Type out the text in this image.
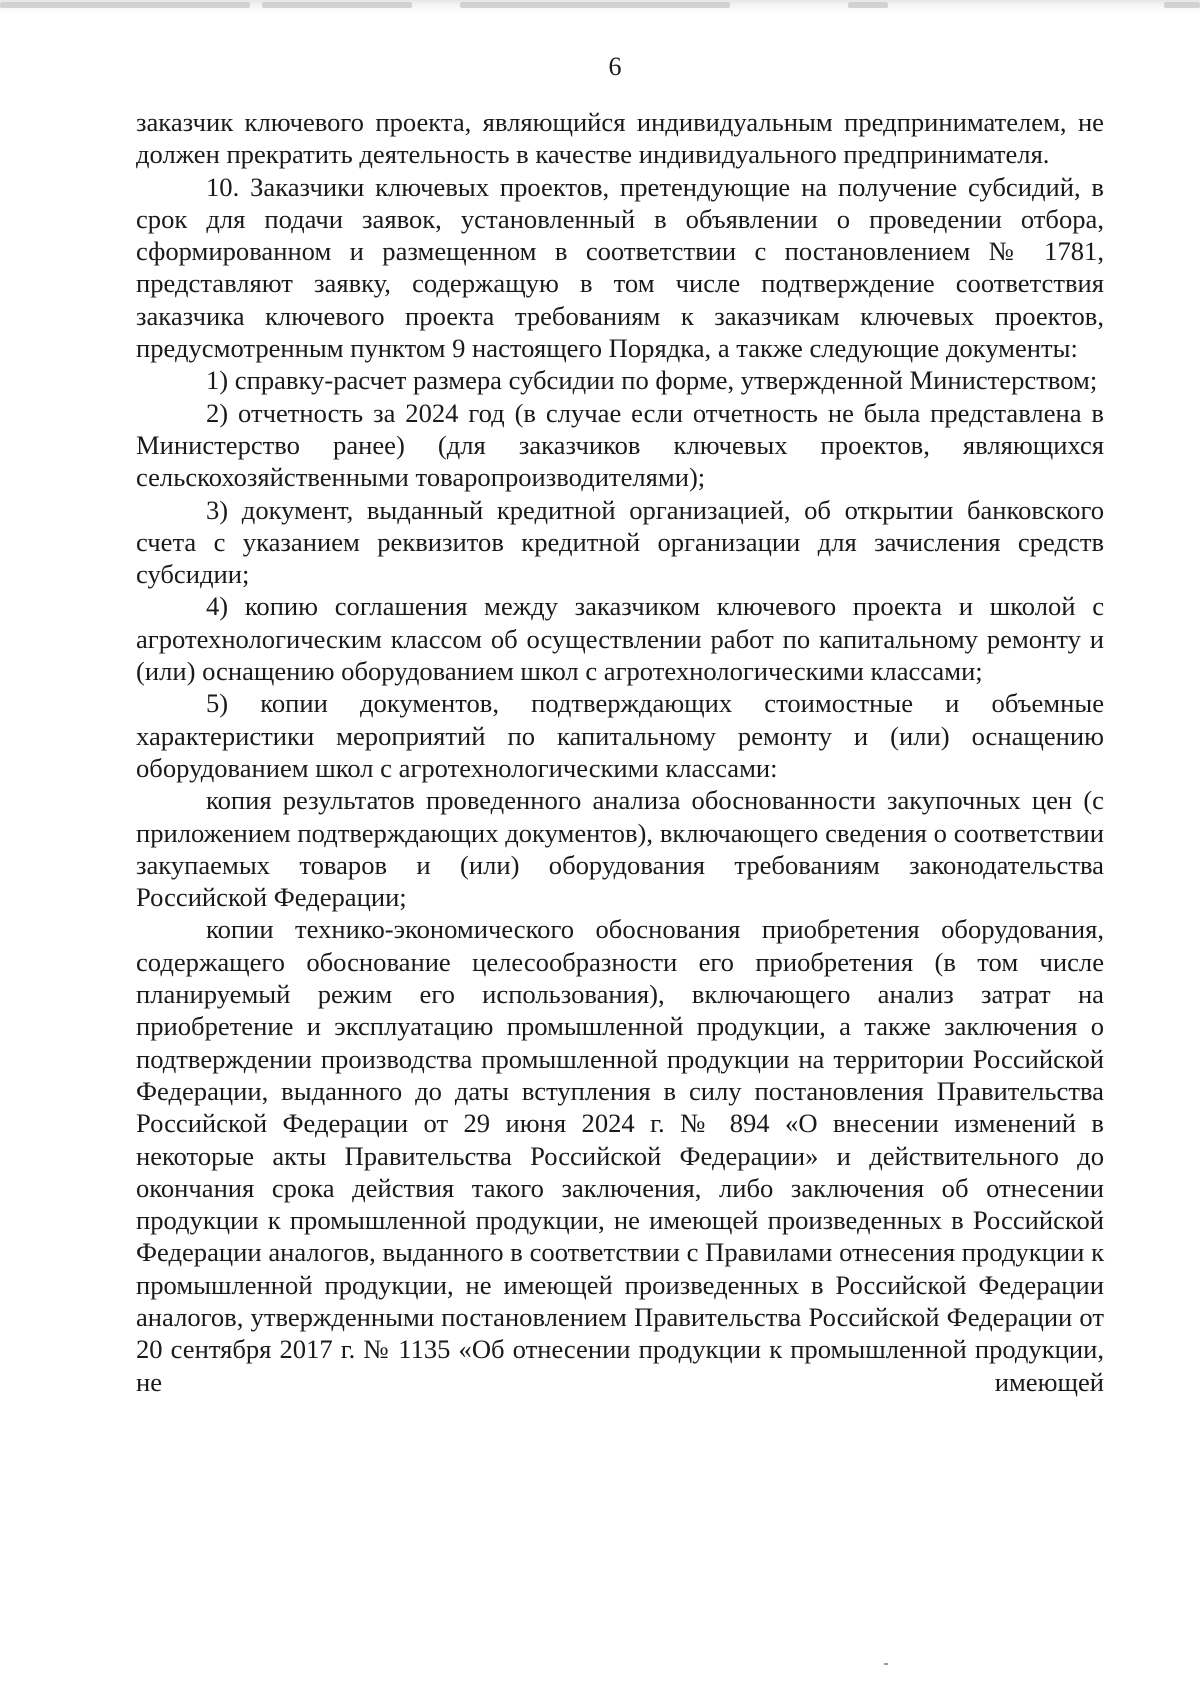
6

заказчик ключевого проекта, являющийся индивидуальным предпринимателем, не должен прекратить деятельность в качестве индивидуального предпринимателя.

10. Заказчики ключевых проектов, претендующие на получение субсидий, в срок для подачи заявок, установленный в объявлении о проведении отбора, сформированном и размещенном в соответствии с постановлением № 1781, представляют заявку, содержащую в том числе подтверждение соответствия заказчика ключевого проекта требованиям к заказчикам ключевых проектов, предусмотренным пунктом 9 настоящего Порядка, а также следующие документы:

1) справку-расчет размера субсидии по форме, утвержденной Министерством;

2) отчетность за 2024 год (в случае если отчетность не была представлена в Министерство ранее) (для заказчиков ключевых проектов, являющихся сельскохозяйственными товаропроизводителями);

3) документ, выданный кредитной организацией, об открытии банковского счета с указанием реквизитов кредитной организации для зачисления средств субсидии;

4) копию соглашения между заказчиком ключевого проекта и школой с агротехнологическим классом об осуществлении работ по капитальному ремонту и (или) оснащению оборудованием школ с агротехнологическими классами;

5) копии документов, подтверждающих стоимостные и объемные характеристики мероприятий по капитальному ремонту и (или) оснащению оборудованием школ с агротехнологическими классами:

копия результатов проведенного анализа обоснованности закупочных цен (с приложением подтверждающих документов), включающего сведения о соответствии закупаемых товаров и (или) оборудования требованиям законодательства Российской Федерации;

копии технико-экономического обоснования приобретения оборудования, содержащего обоснование целесообразности его приобретения (в том числе планируемый режим его использования), включающего анализ затрат на приобретение и эксплуатацию промышленной продукции, а также заключения о подтверждении производства промышленной продукции на территории Российской Федерации, выданного до даты вступления в силу постановления Правительства Российской Федерации от 29 июня 2024 г. № 894 «О внесении изменений в некоторые акты Правительства Российской Федерации» и действительного до окончания срока действия такого заключения, либо заключения об отнесении продукции к промышленной продукции, не имеющей произведенных в Российской Федерации аналогов, выданного в соответствии с Правилами отнесения продукции к промышленной продукции, не имеющей произведенных в Российской Федерации аналогов, утвержденными постановлением Правительства Российской Федерации от 20 сентября 2017 г. № 1135 «Об отнесении продукции к промышленной продукции, не имеющей
